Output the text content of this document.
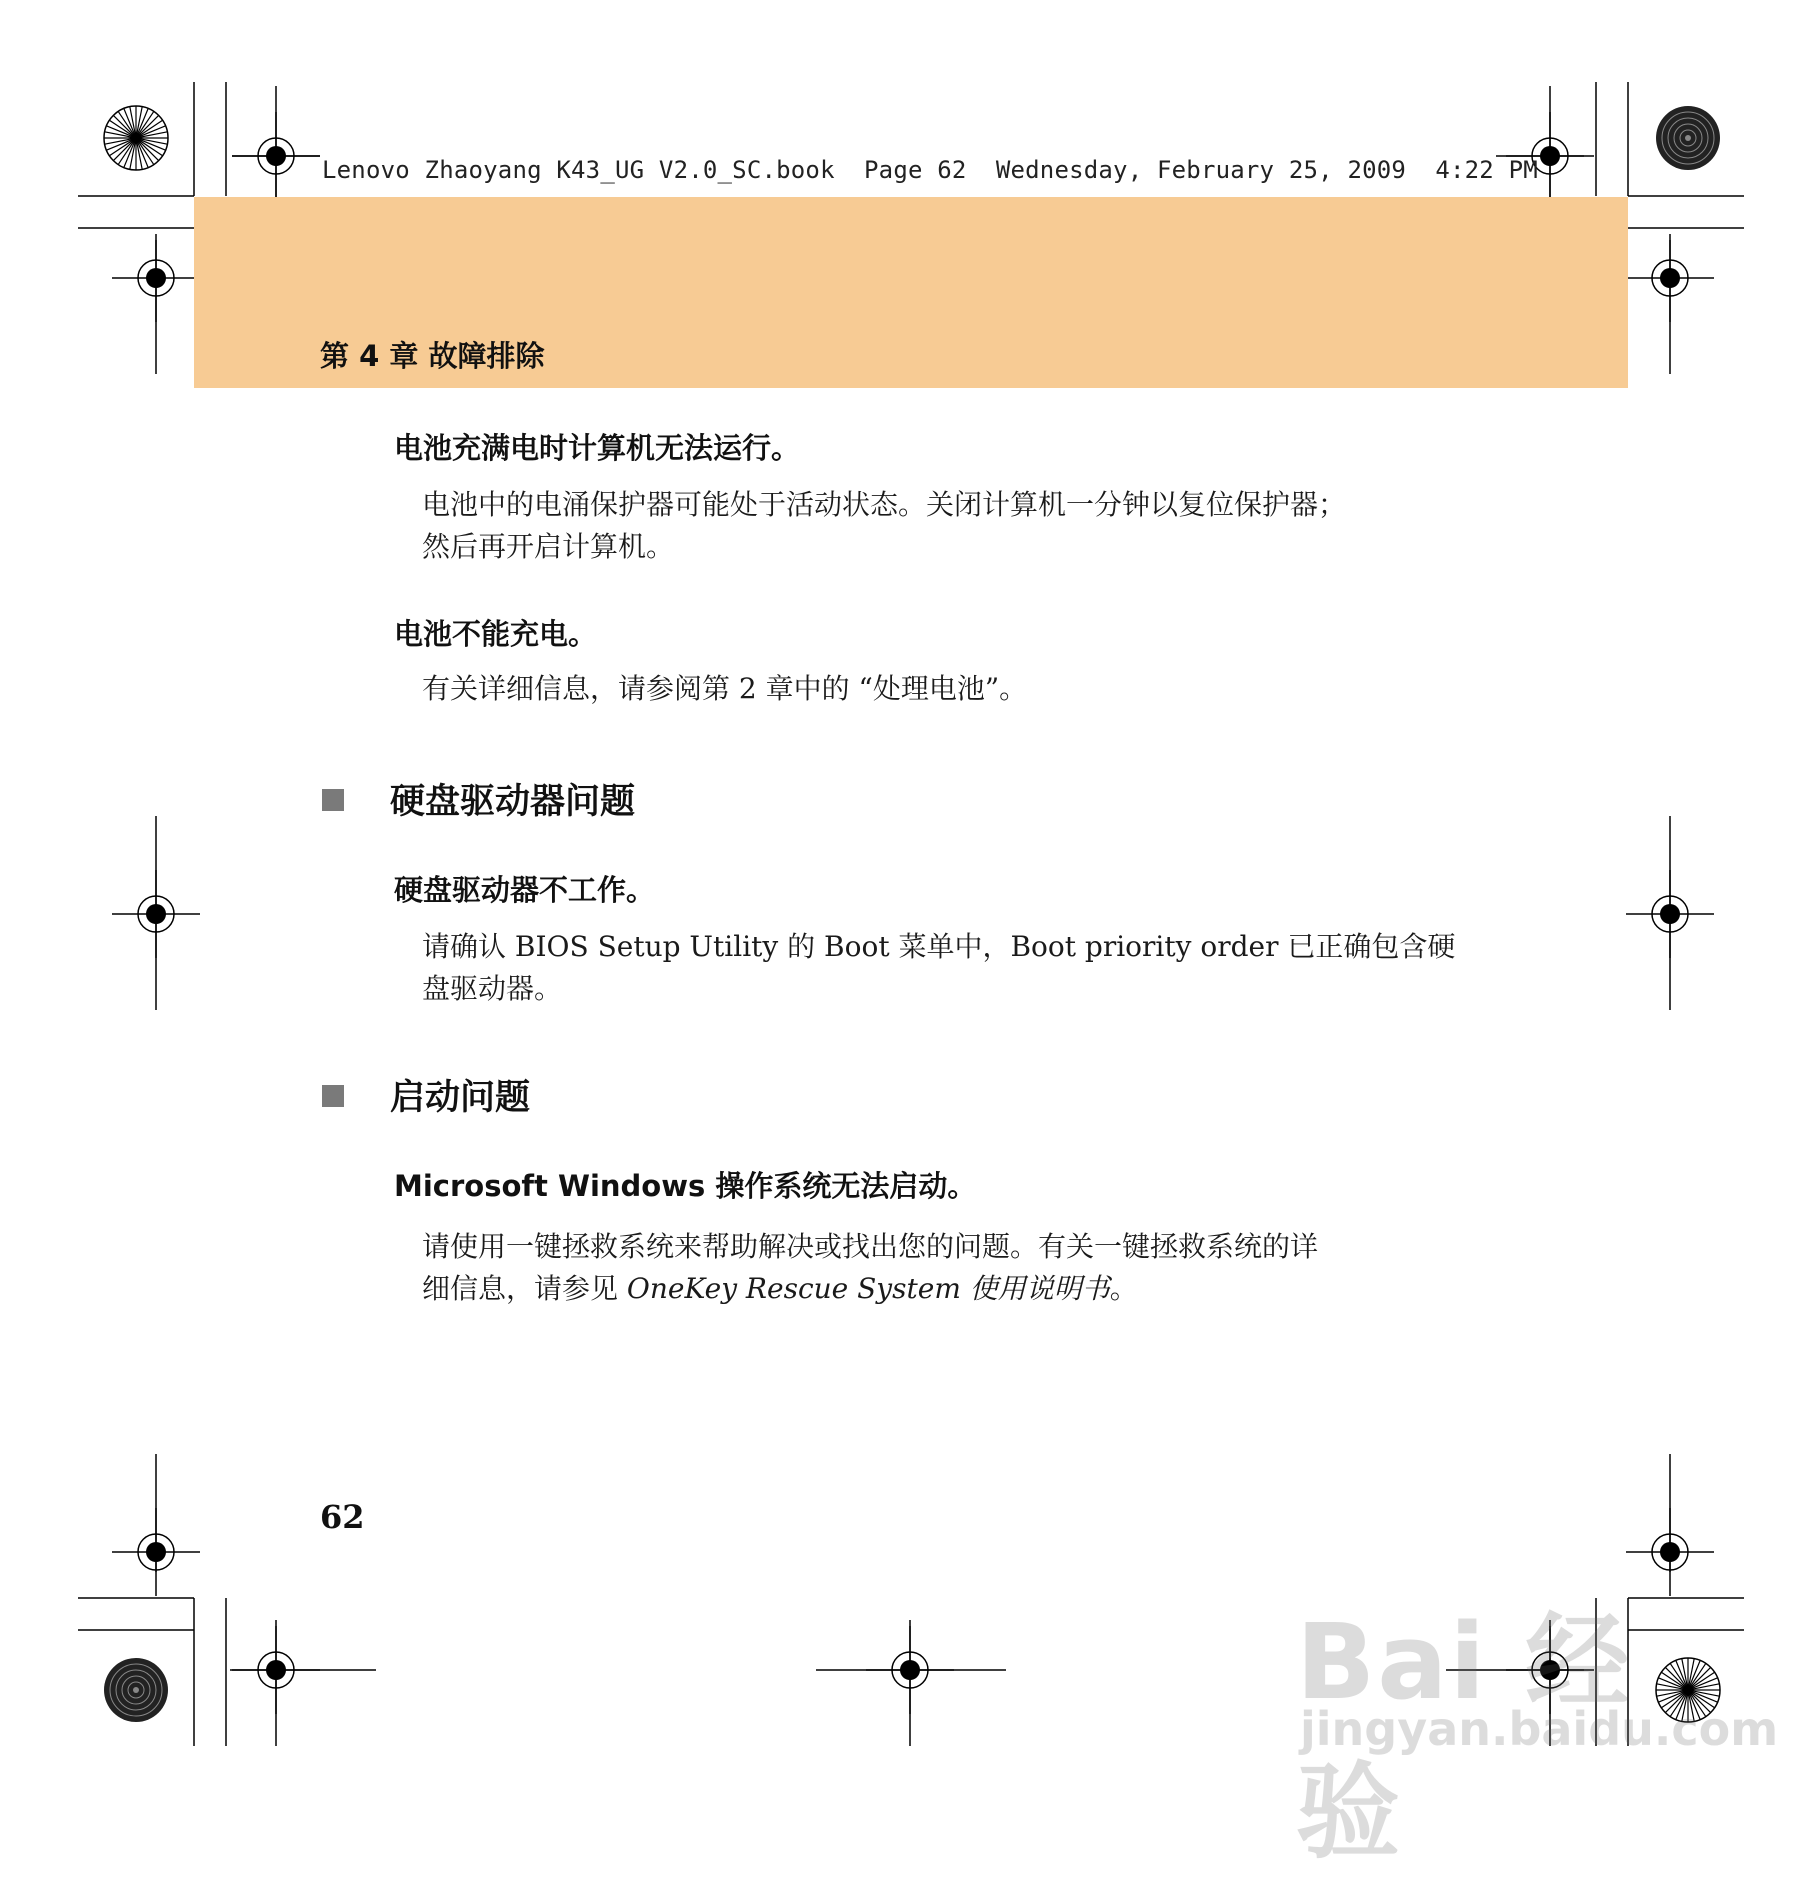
Lenovo Zhaoyang K43_UG V2.0_SC.book  Page 62  Wednesday, February 25, 2009  4:22 PM
第 4 章 故障排除
电池充满电时计算机无法运行。

电池中的电涌保护器可能处于活动状态。关闭计算机一分钟以复位保护器；

然后再开启计算机。

电池不能充电。

有关详细信息，请参阅第 2 章中的 “处理电池”。

硬盘驱动器问题
硬盘驱动器不工作。

请确认 BIOS Setup Utility 的 Boot 菜单中，Boot priority order 已正确包含硬

盘驱动器。

启动问题
Microsoft Windows 操作系统无法启动。

请使用一键拯救系统来帮助解决或找出您的问题。有关一键拯救系统的详

细信息，请参见 OneKey Rescue System 使用说明书。

62
Bai 经验
jingyan.baidu.com
